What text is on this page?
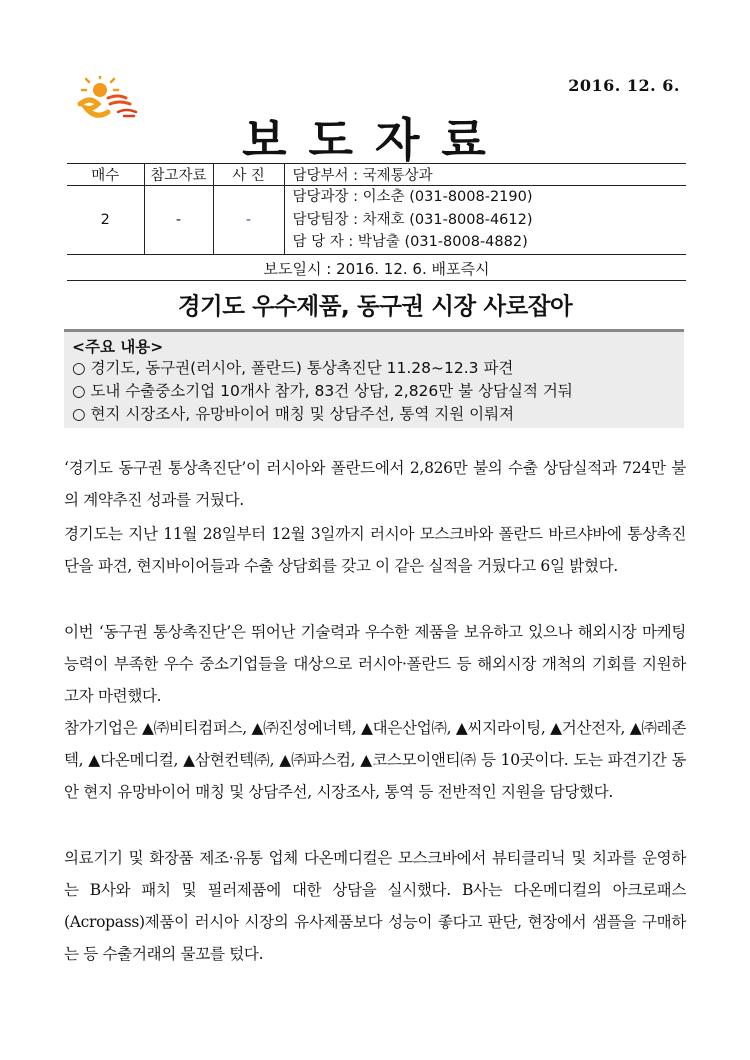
2016. 12. 6.
보도자료
매수	참고자료	사 진	담당부서 : 국제통상과
2	-	-	담당과장 : 이소춘 (031-8008-2190)
담당팀장 : 차재호 (031-8008-4612)
담 당 자 : 박남출 (031-8008-4882)
보도일시 : 2016. 12. 6. 배포즉시
경기도 우수제품, 동구권 시장 사로잡아
<주요 내용>
○ 경기도, 동구권(러시아, 폴란드) 통상촉진단 11.28~12.3 파견
○ 도내 수출중소기업 10개사 참가, 83건 상담, 2,826만 불 상담실적 거둬
○ 현지 시장조사, 유망바이어 매칭 및 상담주선, 통역 지원 이뤄져
‘경기도 동구권 통상촉진단’이 러시아와 폴란드에서 2,826만 불의 수출 상담실적과 724만 불의 계약추진 성과를 거뒀다.
경기도는 지난 11월 28일부터 12월 3일까지 러시아 모스크바와 폴란드 바르샤바에 통상촉진단을 파견, 현지바이어들과 수출 상담회를 갖고 이 같은 실적을 거뒀다고 6일 밝혔다.
이번 ‘동구권 통상촉진단’은 뛰어난 기술력과 우수한 제품을 보유하고 있으나 해외시장 마케팅 능력이 부족한 우수 중소기업들을 대상으로 러시아·폴란드 등 해외시장 개척의 기회를 지원하고자 마련했다.
참가기업은 ▲㈜비티컴퍼스, ▲㈜진성에너텍, ▲대은산업㈜, ▲씨지라이팅, ▲거산전자, ▲㈜레존텍, ▲다온메디컬, ▲삼현컨텍㈜, ▲㈜파스컴, ▲코스모이앤티㈜ 등 10곳이다. 도는 파견기간 동안 현지 유망바이어 매칭 및 상담주선, 시장조사, 통역 등 전반적인 지원을 담당했다.
의료기기 및 화장품 제조·유통 업체 다온메디컬은 모스크바에서 뷰티클리닉 및 치과를 운영하는 B사와 패치 및 필러제품에 대한 상담을 실시했다. B사는 다온메디컬의 아크로패스(Acropass)제품이 러시아 시장의 유사제품보다 성능이 좋다고 판단, 현장에서 샘플을 구매하는 등 수출거래의 물꼬를 텄다.
